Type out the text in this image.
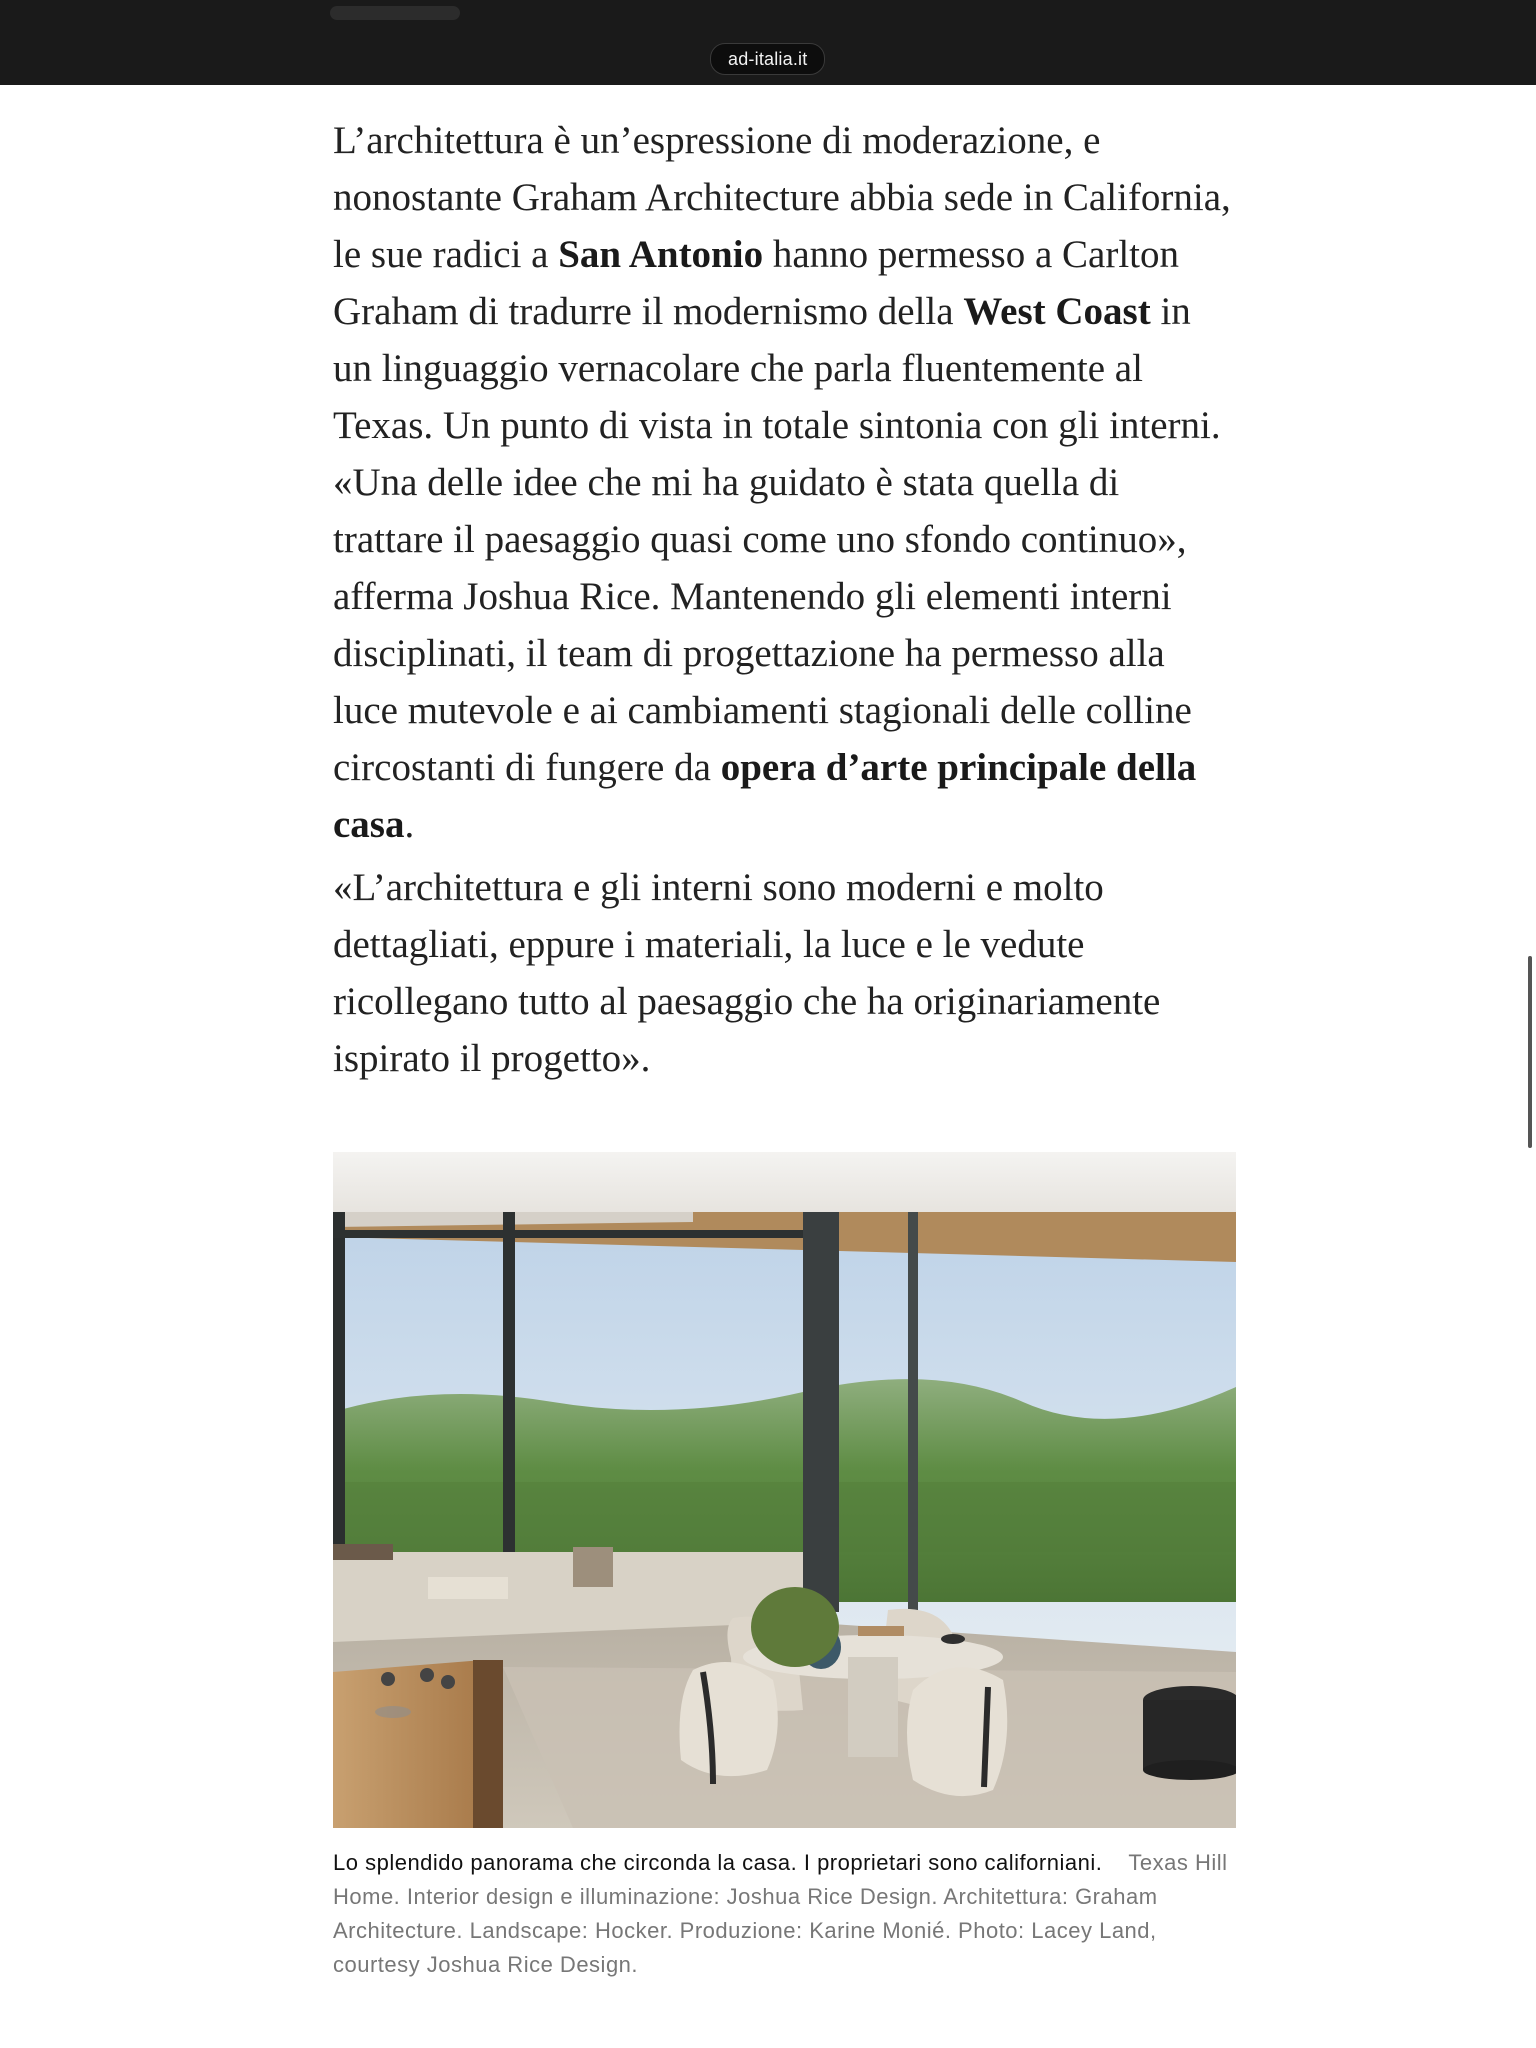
ad-italia.it

L’architettura è un’espressione di moderazione, e nonostante Graham Architecture abbia sede in California, le sue radici a San Antonio hanno permesso a Carlton Graham di tradurre il modernismo della West Coast in un linguaggio vernacolare che parla fluentemente al Texas. Un punto di vista in totale sintonia con gli interni. «Una delle idee che mi ha guidato è stata quella di trattare il paesaggio quasi come uno sfondo continuo», afferma Joshua Rice. Mantenendo gli elementi interni disciplinati, il team di progettazione ha permesso alla luce mutevole e ai cambiamenti stagionali delle colline circostanti di fungere da opera d’arte principale della casa.

«L’architettura e gli interni sono moderni e molto dettagliati, eppure i materiali, la luce e le vedute ricollegano tutto al paesaggio che ha originariamente ispirato il progetto».

Lo splendido panorama che circonda la casa. I proprietari sono californiani. Texas Hill Home. Interior design e illuminazione: Joshua Rice Design. Architettura: Graham Architecture. Landscape: Hocker. Produzione: Karine Monié. Photo: Lacey Land, courtesy Joshua Rice Design.
